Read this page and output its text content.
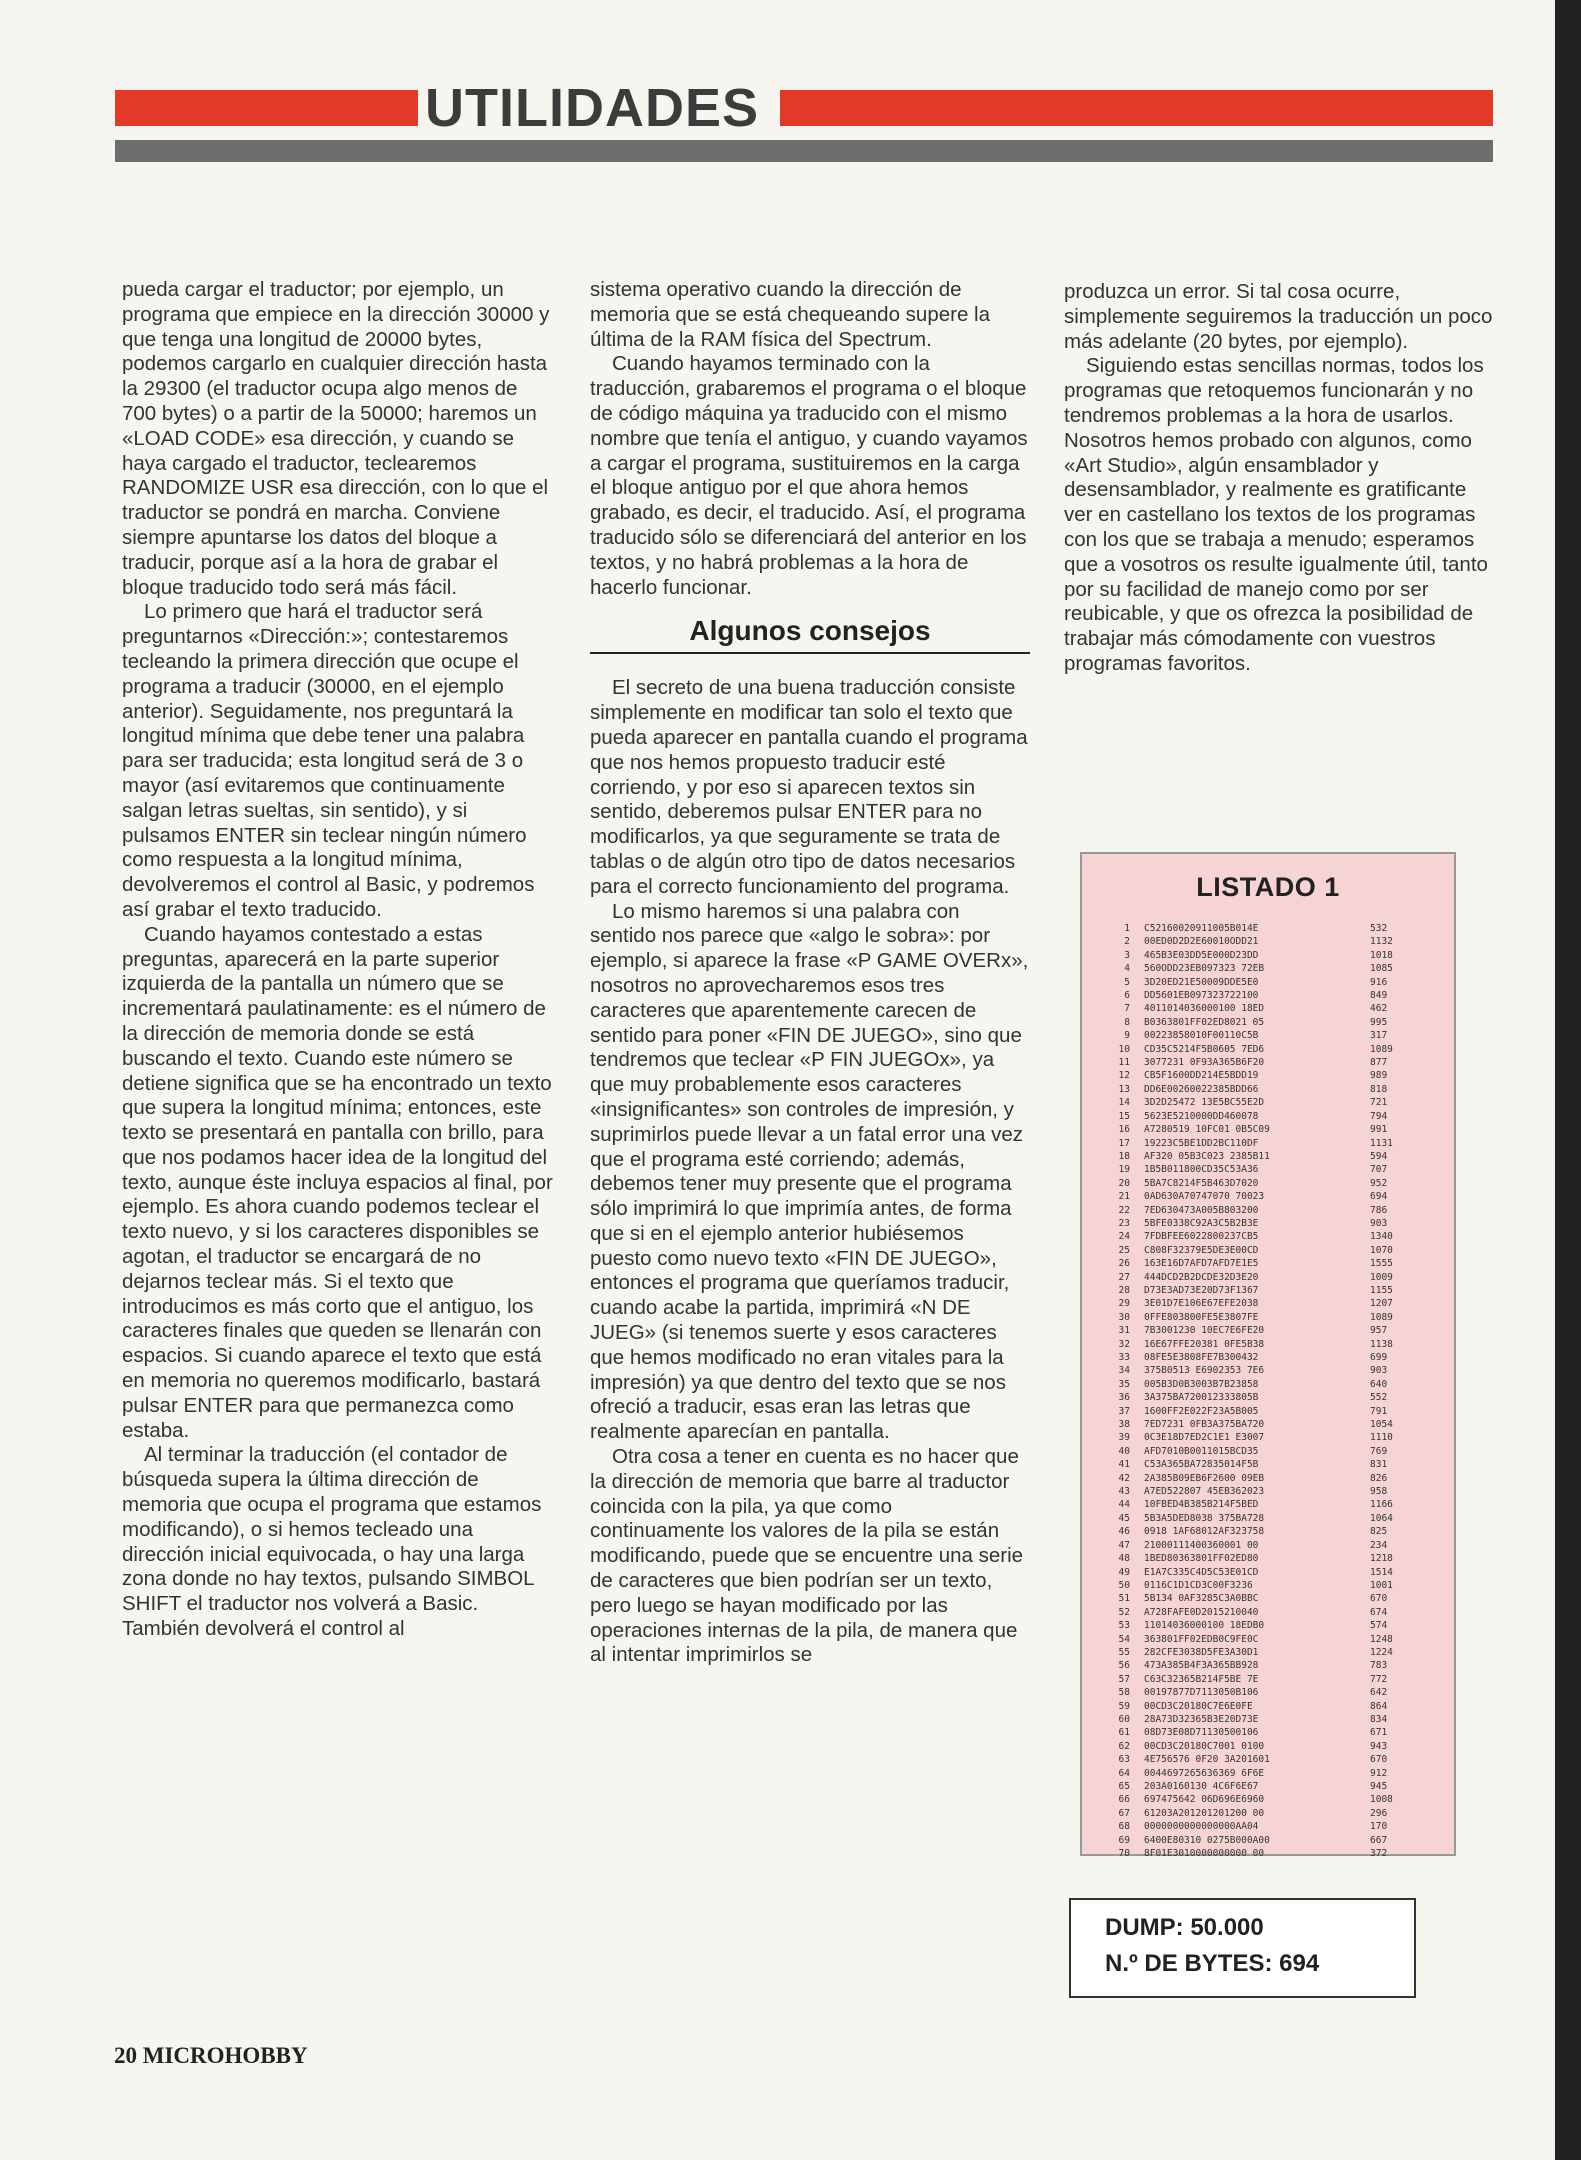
UTILIDADES

pueda cargar el traductor; por ejemplo, un programa que empiece en la dirección 30000 y que tenga una longitud de 20000 bytes, podemos cargarlo en cualquier dirección hasta la 29300 (el traductor ocupa algo menos de 700 bytes) o a partir de la 50000; haremos un «LOAD CODE» esa dirección, y cuando se haya cargado el traductor, teclearemos RANDOMIZE USR esa dirección, con lo que el traductor se pondrá en marcha. Conviene siempre apuntarse los datos del bloque a traducir, porque así a la hora de grabar el bloque traducido todo será más fácil.

Lo primero que hará el traductor será preguntarnos «Dirección:»; contestaremos tecleando la primera dirección que ocupe el programa a traducir (30000, en el ejemplo anterior). Seguidamente, nos preguntará la longitud mínima que debe tener una palabra para ser traducida; esta longitud será de 3 o mayor (así evitaremos que continuamente salgan letras sueltas, sin sentido), y si pulsamos ENTER sin teclear ningún número como respuesta a la longitud mínima, devolveremos el control al Basic, y podremos así grabar el texto traducido.

Cuando hayamos contestado a estas preguntas, aparecerá en la parte superior izquierda de la pantalla un número que se incrementará paulatinamente: es el número de la dirección de memoria donde se está buscando el texto. Cuando este número se detiene significa que se ha encontrado un texto que supera la longitud mínima; entonces, este texto se presentará en pantalla con brillo, para que nos podamos hacer idea de la longitud del texto, aunque éste incluya espacios al final, por ejemplo. Es ahora cuando podemos teclear el texto nuevo, y si los caracteres disponibles se agotan, el traductor se encargará de no dejarnos teclear más. Si el texto que introducimos es más corto que el antiguo, los caracteres finales que queden se llenarán con espacios. Si cuando aparece el texto que está en memoria no queremos modificarlo, bastará pulsar ENTER para que permanezca como estaba.

Al terminar la traducción (el contador de búsqueda supera la última dirección de memoria que ocupa el programa que estamos modificando), o si hemos tecleado una dirección inicial equivocada, o hay una larga zona donde no hay textos, pulsando SIMBOL SHIFT el traductor nos volverá a Basic. También devolverá el control al

sistema operativo cuando la dirección de memoria que se está chequeando supere la última de la RAM física del Spectrum.

Cuando hayamos terminado con la traducción, grabaremos el programa o el bloque de código máquina ya traducido con el mismo nombre que tenía el antiguo, y cuando vayamos a cargar el programa, sustituiremos en la carga el bloque antiguo por el que ahora hemos grabado, es decir, el traducido. Así, el programa traducido sólo se diferenciará del anterior en los textos, y no habrá problemas a la hora de hacerlo funcionar.

Algunos consejos

El secreto de una buena traducción consiste simplemente en modificar tan solo el texto que pueda aparecer en pantalla cuando el programa que nos hemos propuesto traducir esté corriendo, y por eso si aparecen textos sin sentido, deberemos pulsar ENTER para no modificarlos, ya que seguramente se trata de tablas o de algún otro tipo de datos necesarios para el correcto funcionamiento del programa.

Lo mismo haremos si una palabra con sentido nos parece que «algo le sobra»: por ejemplo, si aparece la frase «P GAME OVERx», nosotros no aprovecharemos esos tres caracteres que aparentemente carecen de sentido para poner «FIN DE JUEGO», sino que tendremos que teclear «P FIN JUEGOx», ya que muy probablemente esos caracteres «insignificantes» son controles de impresión, y suprimirlos puede llevar a un fatal error una vez que el programa esté corriendo; además, debemos tener muy presente que el programa sólo imprimirá lo que imprimía antes, de forma que si en el ejemplo anterior hubiésemos puesto como nuevo texto «FIN DE JUEGO», entonces el programa que queríamos traducir, cuando acabe la partida, imprimirá «N DE JUEG» (si tenemos suerte y esos caracteres que hemos modificado no eran vitales para la impresión) ya que dentro del texto que se nos ofreció a traducir, esas eran las letras que realmente aparecían en pantalla.

Otra cosa a tener en cuenta es no hacer que la dirección de memoria que barre al traductor coincida con la pila, ya que como continuamente los valores de la pila se están modificando, puede que se encuentre una serie de caracteres que bien podrían ser un texto, pero luego se hayan modificado por las operaciones internas de la pila, de manera que al intentar imprimirlos se

produzca un error. Si tal cosa ocurre, simplemente seguiremos la traducción un poco más adelante (20 bytes, por ejemplo).

Siguiendo estas sencillas normas, todos los programas que retoquemos funcionarán y no tendremos problemas a la hora de usarlos. Nosotros hemos probado con algunos, como «Art Studio», algún ensamblador y desensamblador, y realmente es gratificante ver en castellano los textos de los programas con los que se trabaja a menudo; esperamos que a vosotros os resulte igualmente útil, tanto por su facilidad de manejo como por ser reubicable, y que os ofrezca la posibilidad de trabajar más cómodamente con vuestros programas favoritos.

LISTADO 1
1 C52160020911005B014E	532
2 00ED0D2D2E60010ODD21	1132
3 465B3E03DD5E000D23DD	1018
4 560ODD23EB097323 72EB	1085
5 3D20ED21E50009DDE5E0	916
6 DD5601EB097323722100	849
7 4011014036000100 18ED	462
8 B0363801FF02ED8021 05	995
9 00223858010F00110C5B	317
10 CD35C5214F5B0605 7ED6	1089
11 3077231 0F93A365B6F20	877
12 CB5F1600DD214E5BDD19	989
13 DD6E00260022385BDD66	818
14 3D2D25472 13E5BC55E2D	721
15 5623E5210000DD460078	794
16 A7280519 10FC01 0B5C09	991
17 19223C5BE1DD2BC110DF	1131
18 AF320 05B3C023 2385B11	594
19 1B5B011800CD35C53A36	707
20 5BA7C8214F5B463D7020	952
21 0AD630A70747070 70023	694
22 7ED630473A005B803200	786
23 5BFE0338C92A3C5B2B3E	903
24 7FDBFEE6022800237CB5	1340
25 C808F32379E5DE3E00CD	1070
26 163E16D7AFD7AFD7E1E5	1555
27 444DCD2B2DCDE32D3E20	1009
28 D73E3AD73E20D73F1367	1155
29 3E01D7E106E67EFE2038	1207
30 0FFE803800FE5E3807FE	1089
31 7B3001230 10EC7E6FE20	957
32 16E67FFE20381 0FE5B38	1138
33 08FE5E3808FE7B300432	699
34 375B0513 E6902353 7E6	903
35 005B3D0B3003B7B23858	640
36 3A375BA720012333805B	552
37 1600FF2E022F23A5B005	791
38 7ED7231 0FB3A375BA720	1054
39 0C3E18D7ED2C1E1 E3007	1110
40 AFD7010B0011015BCD35	769
41 C53A365BA72835014F5B	831
42 2A385B09EB6F2600 09EB	826
43 A7ED522807 45EB362023	958
44 10FBED4B385B214F5BED	1166
45 5B3A5DED8038 375BA728	1064
46 0918 1AF68012AF323758	825
47 21000111400360001 00	234
48 1BED80363801FF02ED80	1218
49 E1A7C335C4D5C53E01CD	1514
50 0116C1D1CD3C00F3236	1001
51 5B134 0AF3285C3A0BBC	670
52 A728FAFE0D2015210040	674
53 11014036000100 18EDB0	574
54 363801FF02EDB0C9FE0C	1248
55 282CFE3038D5FE3A30D1	1224
56 473A385B4F3A365BB928	783
57 C63C32365B214F5BE 7E	772
58 00197877D7113050B106	642
59 00CD3C20180C7E6E0FE	864
60 28A73D32365B3E20D73E	834
61 08D73E08D71130500106	671
62 00CD3C20180C7001 0100	943
63 4E756576 0F20 3A201601	670
64 0044697265636369 6F6E	912
65 203A0160130 4C6F6E67	945
66 697475642 06D696E6960	1008
67 61203A201201201200 00	296
68 0000000000000000AA04	170
69 6400E80310 0275B000A00	667
70 8F01E3010000000000 00	372
DUMP: 50.000
N.º DE BYTES: 694
20 MICROHOBBY
